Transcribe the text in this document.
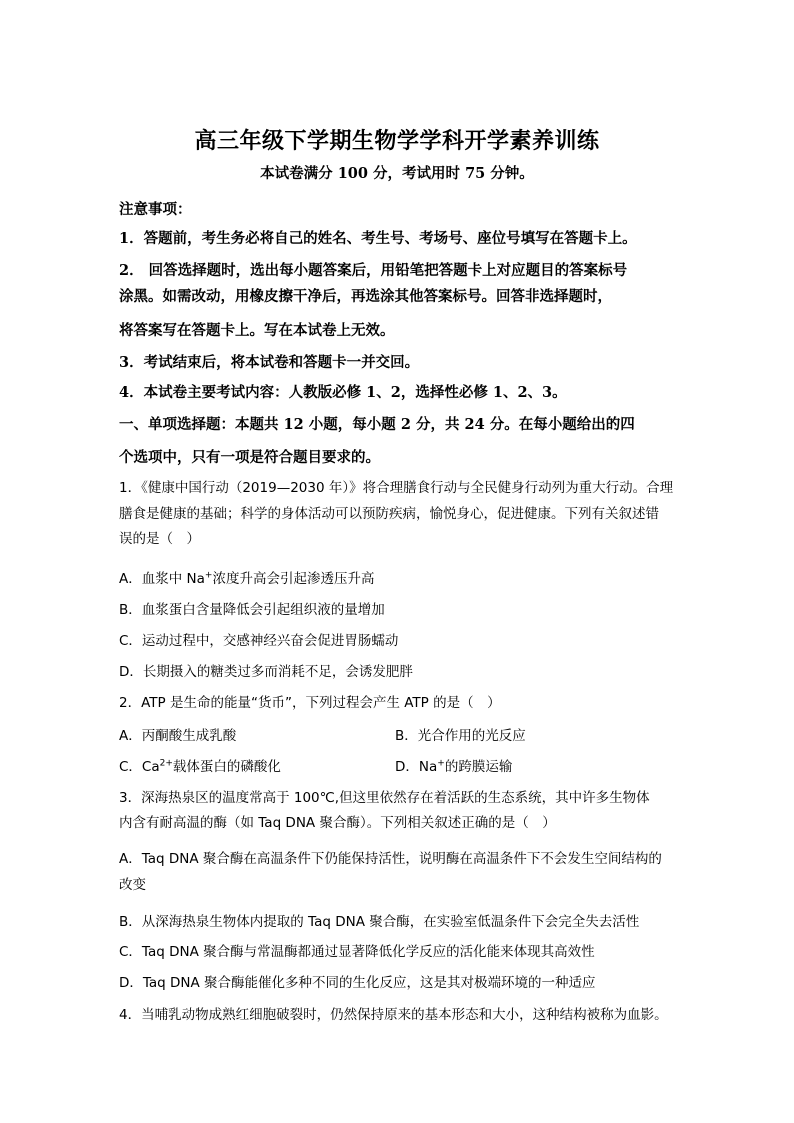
高三年级下学期生物学学科开学素养训练
本试卷满分 100 分，考试用时 75 分钟。
注意事项：
1．答题前，考生务必将自己的姓名、考生号、考场号、座位号填写在答题卡上。
2． 回答选择题时，选出每小题答案后，用铅笔把答题卡上对应题目的答案标号
涂黑。如需改动，用橡皮擦干净后，再选涂其他答案标号。回答非选择题时，
将答案写在答题卡上。写在本试卷上无效。
3．考试结束后，将本试卷和答题卡一并交回。
4．本试卷主要考试内容：人教版必修 1、2，选择性必修 1、2、3。
一、单项选择题：本题共 12 小题，每小题 2 分，共 24 分。在每小题给出的四
个选项中，只有一项是符合题目要求的。
1．《健康中国行动（2019—2030 年）》将合理膳食行动与全民健身行动列为重大行动。合理
膳食是健康的基础；科学的身体活动可以预防疾病，愉悦身心，促进健康。下列有关叙述错
误的是（　）
A．血浆中 Na+浓度升高会引起渗透压升高
B．血浆蛋白含量降低会引起组织液的量增加
C．运动过程中，交感神经兴奋会促进胃肠蠕动
D．长期摄入的糖类过多而消耗不足，会诱发肥胖
2．ATP 是生命的能量“货币”，下列过程会产生 ATP 的是（　）
A．丙酮酸生成乳酸	B．光合作用的光反应
C．$Ca^{2+}$载体蛋白的磷酸化	D．Na+的跨膜运输
3．深海热泉区的温度常高于 100℃,但这里依然存在着活跃的生态系统，其中许多生物体
内含有耐高温的酶（如 Taq DNA 聚合酶）。下列相关叙述正确的是（　）
A．Taq DNA 聚合酶在高温条件下仍能保持活性，说明酶在高温条件下不会发生空间结构的
改变
B．从深海热泉生物体内提取的 Taq DNA 聚合酶，在实验室低温条件下会完全失去活性
C．Taq DNA 聚合酶与常温酶都通过显著降低化学反应的活化能来体现其高效性
D．Taq DNA 聚合酶能催化多种不同的生化反应，这是其对极端环境的一种适应
4．当哺乳动物成熟红细胞破裂时，仍然保持原来的基本形态和大小，这种结构被称为血影。
